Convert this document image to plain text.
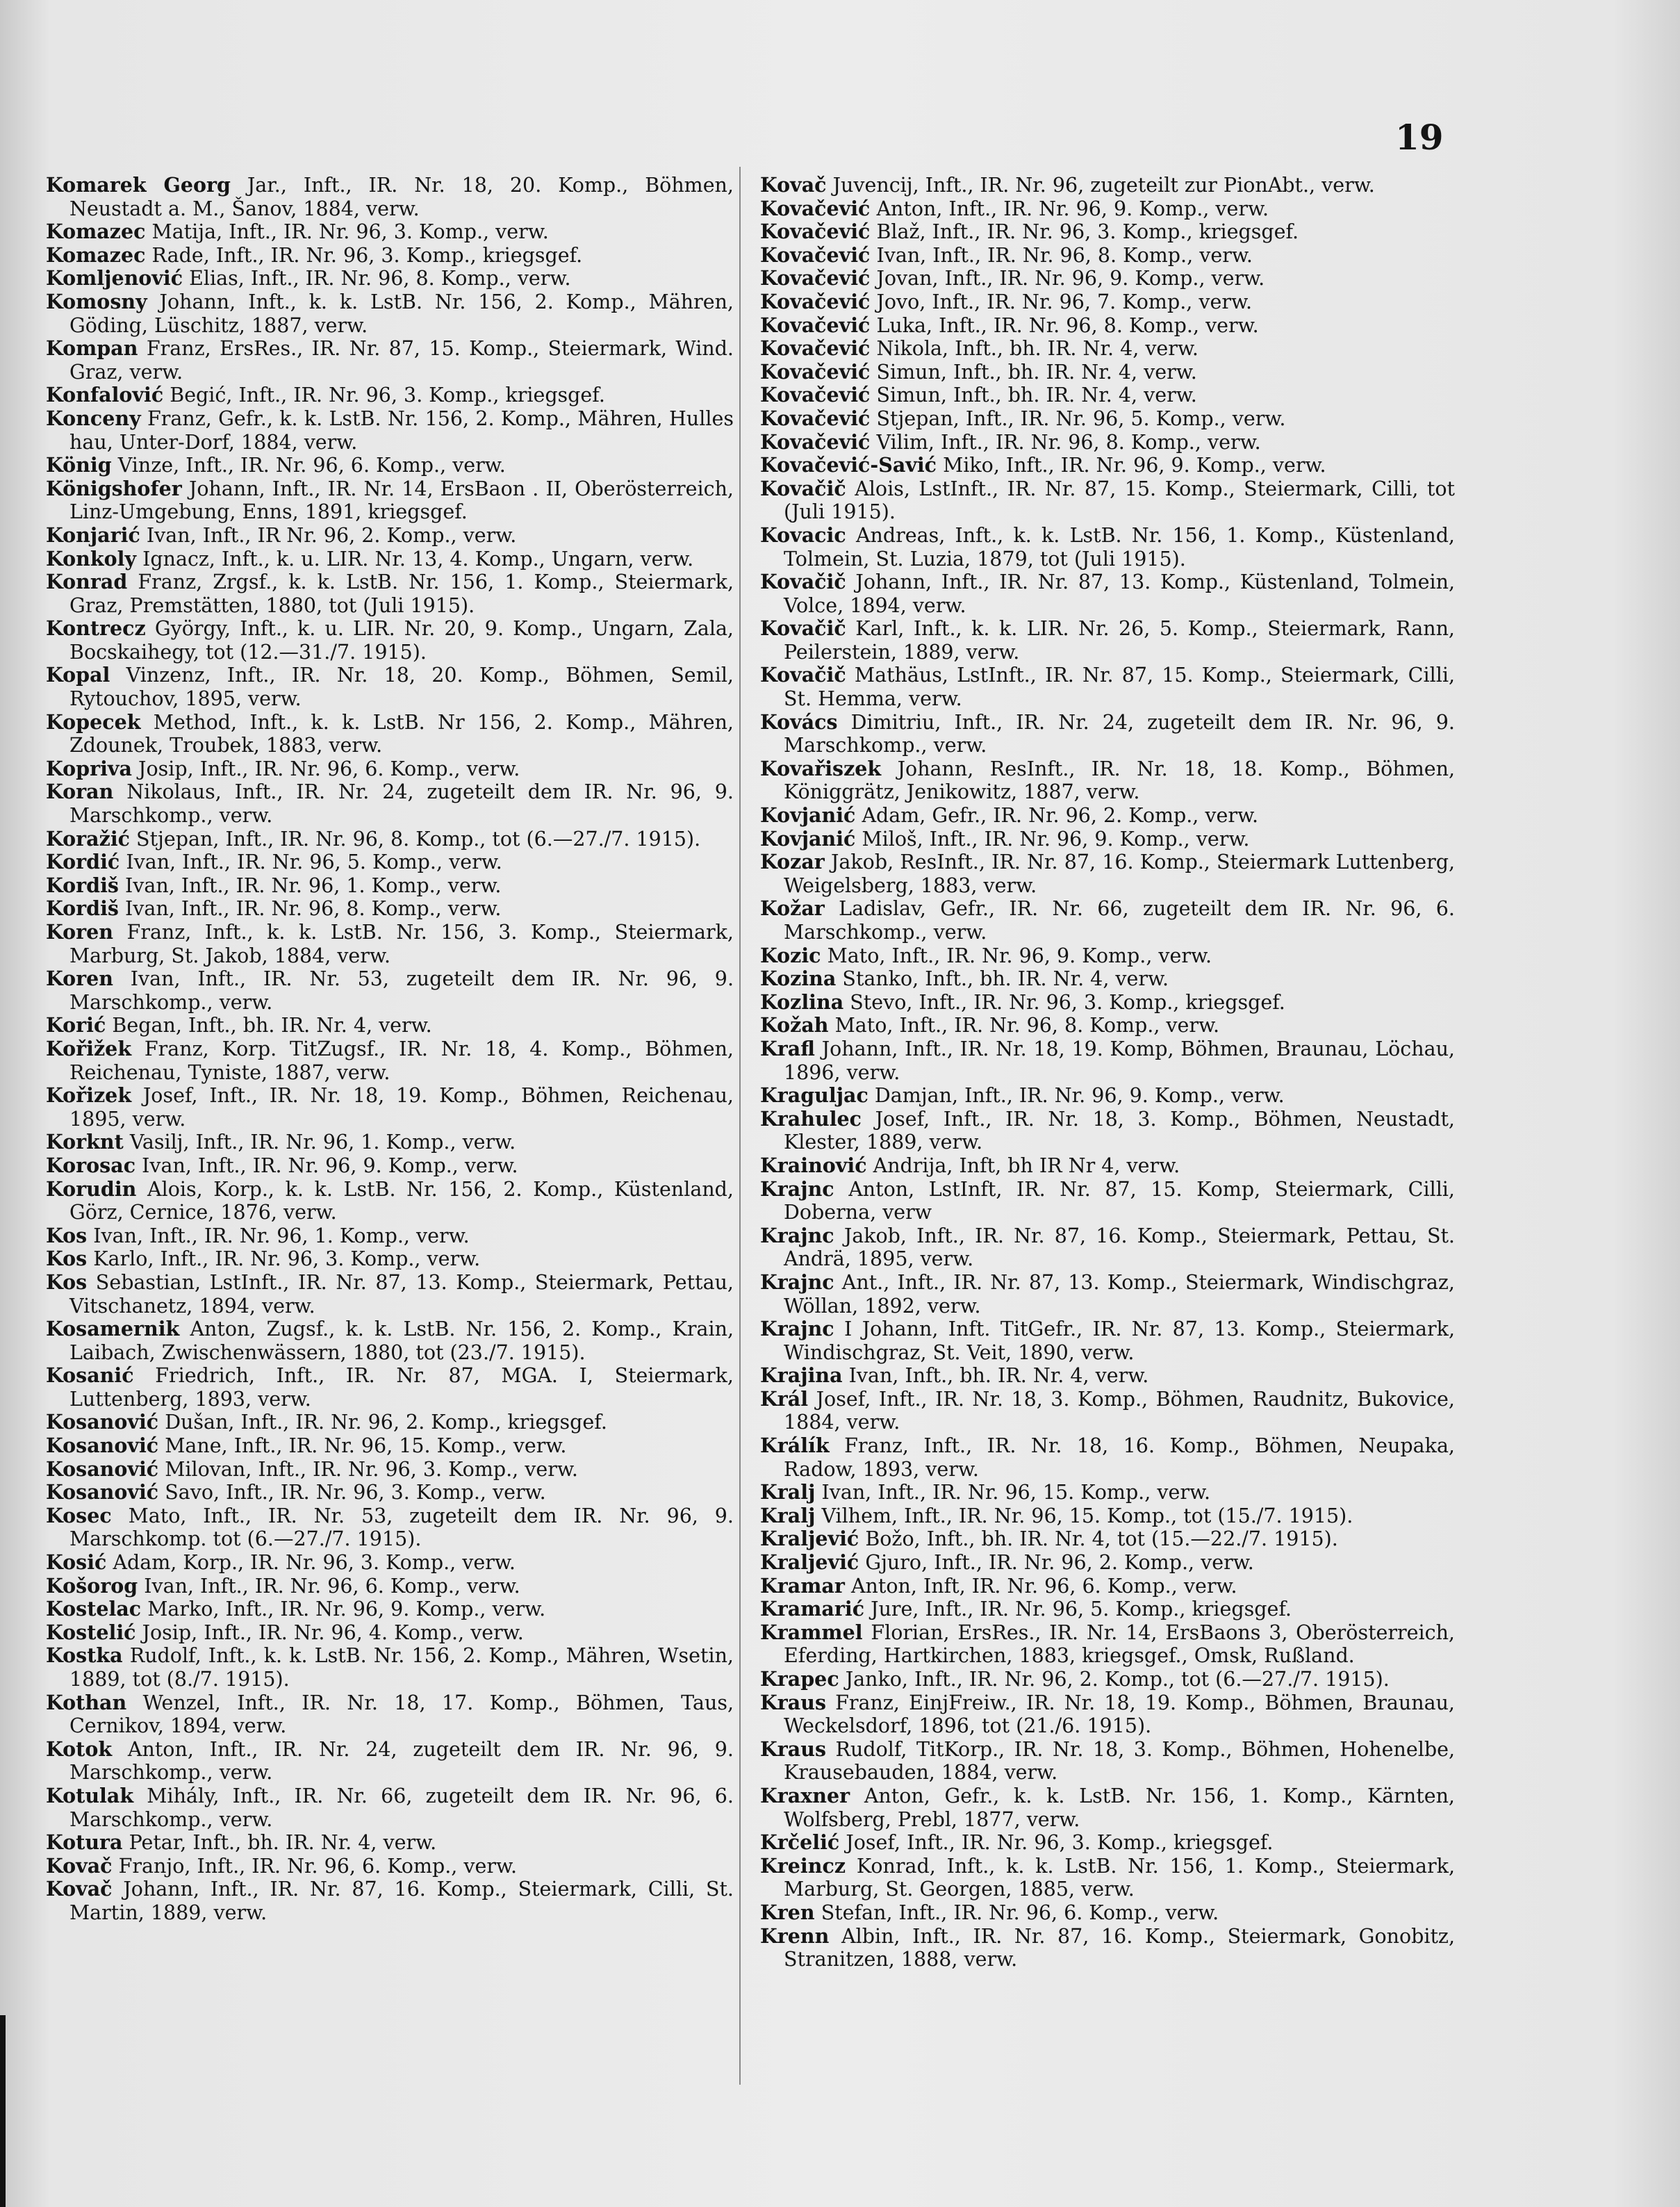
19

Komarek Georg Jar., Inft., IR. Nr. 18, 20. Komp., Böhmen, Neustadt a. M., Šanov, 1884, verw.

Komazec Matija, Inft., IR. Nr. 96, 3. Komp., verw.

Komazec Rade, Inft., IR. Nr. 96, 3. Komp., kriegsgef.

Komljenović Elias, Inft., IR. Nr. 96, 8. Komp., verw.

Komosny Johann, Inft., k. k. LstB. Nr. 156, 2. Komp., Mähren, Göding, Lüschitz, 1887, verw.

Kompan Franz, ErsRes., IR. Nr. 87, 15. Komp., Steiermark, Wind. Graz, verw.

Konfalović Begić, Inft., IR. Nr. 96, 3. Komp., kriegsgef.

Konceny Franz, Gefr., k. k. LstB. Nr. 156, 2. Komp., Mähren, Hulles hau, Unter-Dorf, 1884, verw.

König Vinze, Inft., IR. Nr. 96, 6. Komp., verw.

Königshofer Johann, Inft., IR. Nr. 14, ErsBaon . II, Oberösterreich, Linz-Umgebung, Enns, 1891, kriegsgef.

Konjarić Ivan, Inft., IR Nr. 96, 2. Komp., verw.

Konkoly Ignacz, Inft., k. u. LIR. Nr. 13, 4. Komp., Ungarn, verw.

Konrad Franz, Zrgsf., k. k. LstB. Nr. 156, 1. Komp., Steiermark, Graz, Premstätten, 1880, tot (Juli 1915).

Kontrecz György, Inft., k. u. LIR. Nr. 20, 9. Komp., Ungarn, Zala, Bocskaihegy, tot (12.—31./7. 1915).

Kopal Vinzenz, Inft., IR. Nr. 18, 20. Komp., Böhmen, Semil, Rytouchov, 1895, verw.

Kopecek Method, Inft., k. k. LstB. Nr 156, 2. Komp., Mähren, Zdounek, Troubek, 1883, verw.

Kopriva Josip, Inft., IR. Nr. 96, 6. Komp., verw.

Koran Nikolaus, Inft., IR. Nr. 24, zugeteilt dem IR. Nr. 96, 9. Marschkomp., verw.

Koražić Stjepan, Inft., IR. Nr. 96, 8. Komp., tot (6.—27./7. 1915).

Kordić Ivan, Inft., IR. Nr. 96, 5. Komp., verw.

Kordiš Ivan, Inft., IR. Nr. 96, 1. Komp., verw.

Kordiš Ivan, Inft., IR. Nr. 96, 8. Komp., verw.

Koren Franz, Inft., k. k. LstB. Nr. 156, 3. Komp., Steiermark, Marburg, St. Jakob, 1884, verw.

Koren Ivan, Inft., IR. Nr. 53, zugeteilt dem IR. Nr. 96, 9. Marschkomp., verw.

Korić Began, Inft., bh. IR. Nr. 4, verw.

Kořižek Franz, Korp. TitZugsf., IR. Nr. 18, 4. Komp., Böhmen, Reichenau, Tyniste, 1887, verw.

Kořizek Josef, Inft., IR. Nr. 18, 19. Komp., Böhmen, Reichenau, 1895, verw.

Korknt Vasilj, Inft., IR. Nr. 96, 1. Komp., verw.

Korosac Ivan, Inft., IR. Nr. 96, 9. Komp., verw.

Korudin Alois, Korp., k. k. LstB. Nr. 156, 2. Komp., Küstenland, Görz, Cernice, 1876, verw.

Kos Ivan, Inft., IR. Nr. 96, 1. Komp., verw.

Kos Karlo, Inft., IR. Nr. 96, 3. Komp., verw.

Kos Sebastian, LstInft., IR. Nr. 87, 13. Komp., Steiermark, Pettau, Vitschanetz, 1894, verw.

Kosamernik Anton, Zugsf., k. k. LstB. Nr. 156, 2. Komp., Krain, Laibach, Zwischenwässern, 1880, tot (23./7. 1915).

Kosanić Friedrich, Inft., IR. Nr. 87, MGA. I, Steiermark, Luttenberg, 1893, verw.

Kosanović Dušan, Inft., IR. Nr. 96, 2. Komp., kriegsgef.

Kosanović Mane, Inft., IR. Nr. 96, 15. Komp., verw.

Kosanović Milovan, Inft., IR. Nr. 96, 3. Komp., verw.

Kosanović Savo, Inft., IR. Nr. 96, 3. Komp., verw.

Kosec Mato, Inft., IR. Nr. 53, zugeteilt dem IR. Nr. 96, 9. Marschkomp. tot (6.—27./7. 1915).

Kosić Adam, Korp., IR. Nr. 96, 3. Komp., verw.

Košorog Ivan, Inft., IR. Nr. 96, 6. Komp., verw.

Kostelac Marko, Inft., IR. Nr. 96, 9. Komp., verw.

Kostelić Josip, Inft., IR. Nr. 96, 4. Komp., verw.

Kostka Rudolf, Inft., k. k. LstB. Nr. 156, 2. Komp., Mähren, Wsetin, 1889, tot (8./7. 1915).

Kothan Wenzel, Inft., IR. Nr. 18, 17. Komp., Böhmen, Taus, Cernikov, 1894, verw.

Kotok Anton, Inft., IR. Nr. 24, zugeteilt dem IR. Nr. 96, 9. Marschkomp., verw.

Kotulak Mihály, Inft., IR. Nr. 66, zugeteilt dem IR. Nr. 96, 6. Marschkomp., verw.

Kotura Petar, Inft., bh. IR. Nr. 4, verw.

Kovač Franjo, Inft., IR. Nr. 96, 6. Komp., verw.

Kovač Johann, Inft., IR. Nr. 87, 16. Komp., Steiermark, Cilli, St. Martin, 1889, verw.

Kovač Juvencij, Inft., IR. Nr. 96, zugeteilt zur PionAbt., verw.

Kovačević Anton, Inft., IR. Nr. 96, 9. Komp., verw.

Kovačević Blaž, Inft., IR. Nr. 96, 3. Komp., kriegsgef.

Kovačević Ivan, Inft., IR. Nr. 96, 8. Komp., verw.

Kovačević Jovan, Inft., IR. Nr. 96, 9. Komp., verw.

Kovačević Jovo, Inft., IR. Nr. 96, 7. Komp., verw.

Kovačević Luka, Inft., IR. Nr. 96, 8. Komp., verw.

Kovačević Nikola, Inft., bh. IR. Nr. 4, verw.

Kovačević Simun, Inft., bh. IR. Nr. 4, verw.

Kovačević Simun, Inft., bh. IR. Nr. 4, verw.

Kovačević Stjepan, Inft., IR. Nr. 96, 5. Komp., verw.

Kovačević Vilim, Inft., IR. Nr. 96, 8. Komp., verw.

Kovačević-Savić Miko, Inft., IR. Nr. 96, 9. Komp., verw.

Kovačič Alois, LstInft., IR. Nr. 87, 15. Komp., Steiermark, Cilli, tot (Juli 1915).

Kovacic Andreas, Inft., k. k. LstB. Nr. 156, 1. Komp., Küstenland, Tolmein, St. Luzia, 1879, tot (Juli 1915).

Kovačič Johann, Inft., IR. Nr. 87, 13. Komp., Küstenland, Tolmein, Volce, 1894, verw.

Kovačič Karl, Inft., k. k. LIR. Nr. 26, 5. Komp., Steiermark, Rann, Peilerstein, 1889, verw.

Kovačič Mathäus, LstInft., IR. Nr. 87, 15. Komp., Steiermark, Cilli, St. Hemma, verw.

Kovács Dimitriu, Inft., IR. Nr. 24, zugeteilt dem IR. Nr. 96, 9. Marschkomp., verw.

Kovařiszek Johann, ResInft., IR. Nr. 18, 18. Komp., Böhmen, Königgrätz, Jenikowitz, 1887, verw.

Kovjanić Adam, Gefr., IR. Nr. 96, 2. Komp., verw.

Kovjanić Miloš, Inft., IR. Nr. 96, 9. Komp., verw.

Kozar Jakob, ResInft., IR. Nr. 87, 16. Komp., Steiermark Luttenberg, Weigelsberg, 1883, verw.

Kožar Ladislav, Gefr., IR. Nr. 66, zugeteilt dem IR. Nr. 96, 6. Marschkomp., verw.

Kozic Mato, Inft., IR. Nr. 96, 9. Komp., verw.

Kozina Stanko, Inft., bh. IR. Nr. 4, verw.

Kozlina Stevo, Inft., IR. Nr. 96, 3. Komp., kriegsgef.

Kožah Mato, Inft., IR. Nr. 96, 8. Komp., verw.

Krafl Johann, Inft., IR. Nr. 18, 19. Komp, Böhmen, Braunau, Löchau, 1896, verw.

Kraguljac Damjan, Inft., IR. Nr. 96, 9. Komp., verw.

Krahulec Josef, Inft., IR. Nr. 18, 3. Komp., Böhmen, Neustadt, Klester, 1889, verw.

Krainović Andrija, Inft, bh IR Nr 4, verw.

Krajnc Anton, LstInft, IR. Nr. 87, 15. Komp, Steiermark, Cilli, Doberna, verw

Krajnc Jakob, Inft., IR. Nr. 87, 16. Komp., Steiermark, Pettau, St. Andrä, 1895, verw.

Krajnc Ant., Inft., IR. Nr. 87, 13. Komp., Steiermark, Windischgraz, Wöllan, 1892, verw.

Krajnc I Johann, Inft. TitGefr., IR. Nr. 87, 13. Komp., Steiermark, Windischgraz, St. Veit, 1890, verw.

Krajina Ivan, Inft., bh. IR. Nr. 4, verw.

Král Josef, Inft., IR. Nr. 18, 3. Komp., Böhmen, Raudnitz, Bukovice, 1884, verw.

Králík Franz, Inft., IR. Nr. 18, 16. Komp., Böhmen, Neupaka, Radow, 1893, verw.

Kralj Ivan, Inft., IR. Nr. 96, 15. Komp., verw.

Kralj Vilhem, Inft., IR. Nr. 96, 15. Komp., tot (15./7. 1915).

Kraljević Božo, Inft., bh. IR. Nr. 4, tot (15.—22./7. 1915).

Kraljević Gjuro, Inft., IR. Nr. 96, 2. Komp., verw.

Kramar Anton, Inft, IR. Nr. 96, 6. Komp., verw.

Kramarić Jure, Inft., IR. Nr. 96, 5. Komp., kriegsgef.

Krammel Florian, ErsRes., IR. Nr. 14, ErsBaons 3, Oberösterreich, Eferding, Hartkirchen, 1883, kriegsgef., Omsk, Rußland.

Krapec Janko, Inft., IR. Nr. 96, 2. Komp., tot (6.—27./7. 1915).

Kraus Franz, EinjFreiw., IR. Nr. 18, 19. Komp., Böhmen, Braunau, Weckelsdorf, 1896, tot (21./6. 1915).

Kraus Rudolf, TitKorp., IR. Nr. 18, 3. Komp., Böhmen, Hohenelbe, Krausebauden, 1884, verw.

Kraxner Anton, Gefr., k. k. LstB. Nr. 156, 1. Komp., Kärnten, Wolfsberg, Prebl, 1877, verw.

Krčelić Josef, Inft., IR. Nr. 96, 3. Komp., kriegsgef.

Kreincz Konrad, Inft., k. k. LstB. Nr. 156, 1. Komp., Steiermark, Marburg, St. Georgen, 1885, verw.

Kren Stefan, Inft., IR. Nr. 96, 6. Komp., verw.

Krenn Albin, Inft., IR. Nr. 87, 16. Komp., Steiermark, Gonobitz, Stranitzen, 1888, verw.
